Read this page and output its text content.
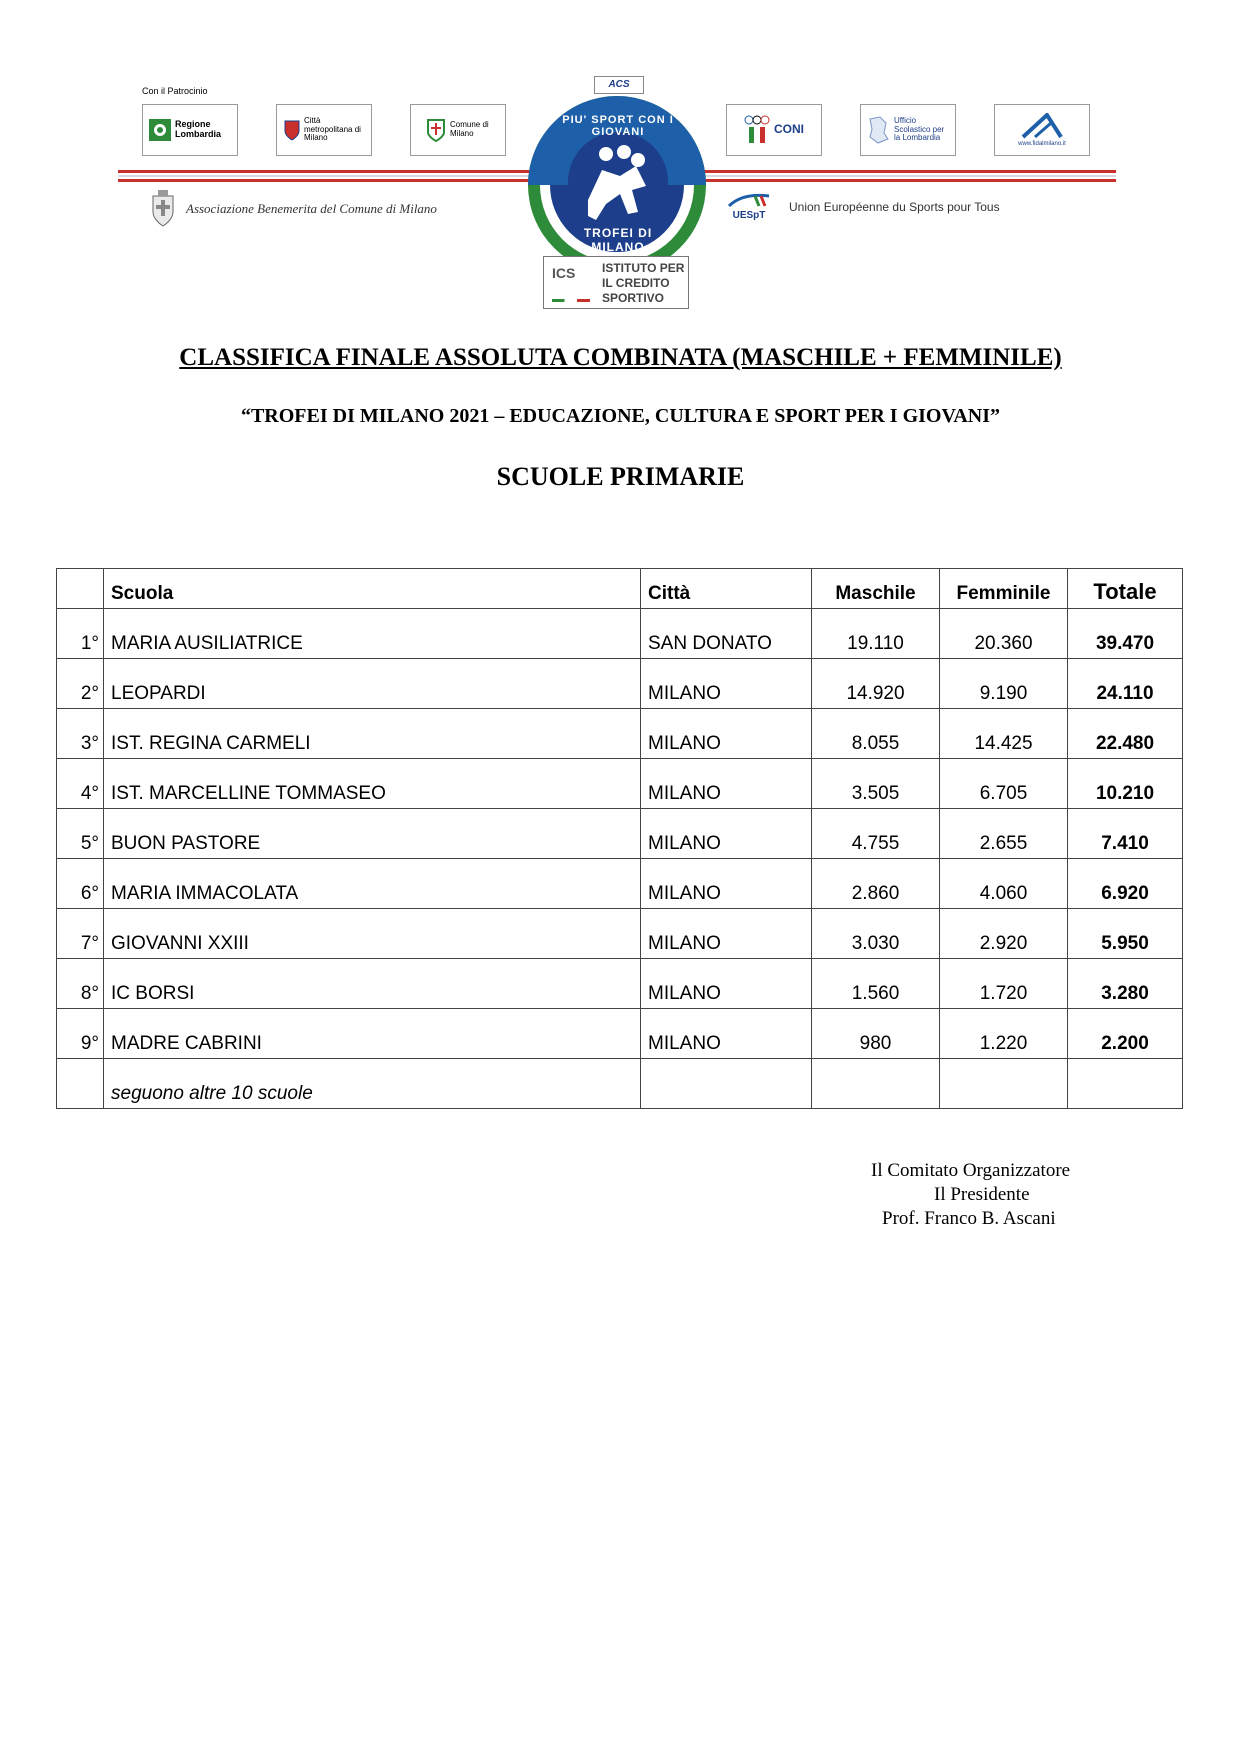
Con il Patrocinio
Regione Lombardia
Città metropolitana di Milano
Comune di Milano	CONI
Ufficio Scolastico per la Lombardia
www.fidalmilano.it
Associazione Benemerita del Comune di Milano	UESpT
Union Européenne du Sports pour Tous
ACS
PIU' SPORT CON I GIOVANI
TROFEI DI MILANO
ICS ISTITUTO PER IL CREDITO SPORTIVO
CLASSIFICA FINALE ASSOLUTA COMBINATA (MASCHILE + FEMMINILE)
“TROFEI DI MILANO 2021 – EDUCAZIONE, CULTURA E SPORT PER I GIOVANI”
SCUOLE PRIMARIE
	Scuola	Città	Maschile	Femminile	Totale
1°	MARIA AUSILIATRICE	SAN DONATO	19.110	20.360	39.470
2°	LEOPARDI	MILANO	14.920	9.190	24.110
3°	IST. REGINA CARMELI	MILANO	8.055	14.425	22.480
4°	IST. MARCELLINE TOMMASEO	MILANO	3.505	6.705	10.210
5°	BUON PASTORE	MILANO	4.755	2.655	7.410
6°	MARIA IMMACOLATA	MILANO	2.860	4.060	6.920
7°	GIOVANNI XXIII	MILANO	3.030	2.920	5.950
8°	IC BORSI	MILANO	1.560	1.720	3.280
9°	MADRE CABRINI	MILANO	980	1.220	2.200
	seguono altre 10 scuole				
Il Comitato Organizzatore
Il Presidente
Prof. Franco B. Ascani
